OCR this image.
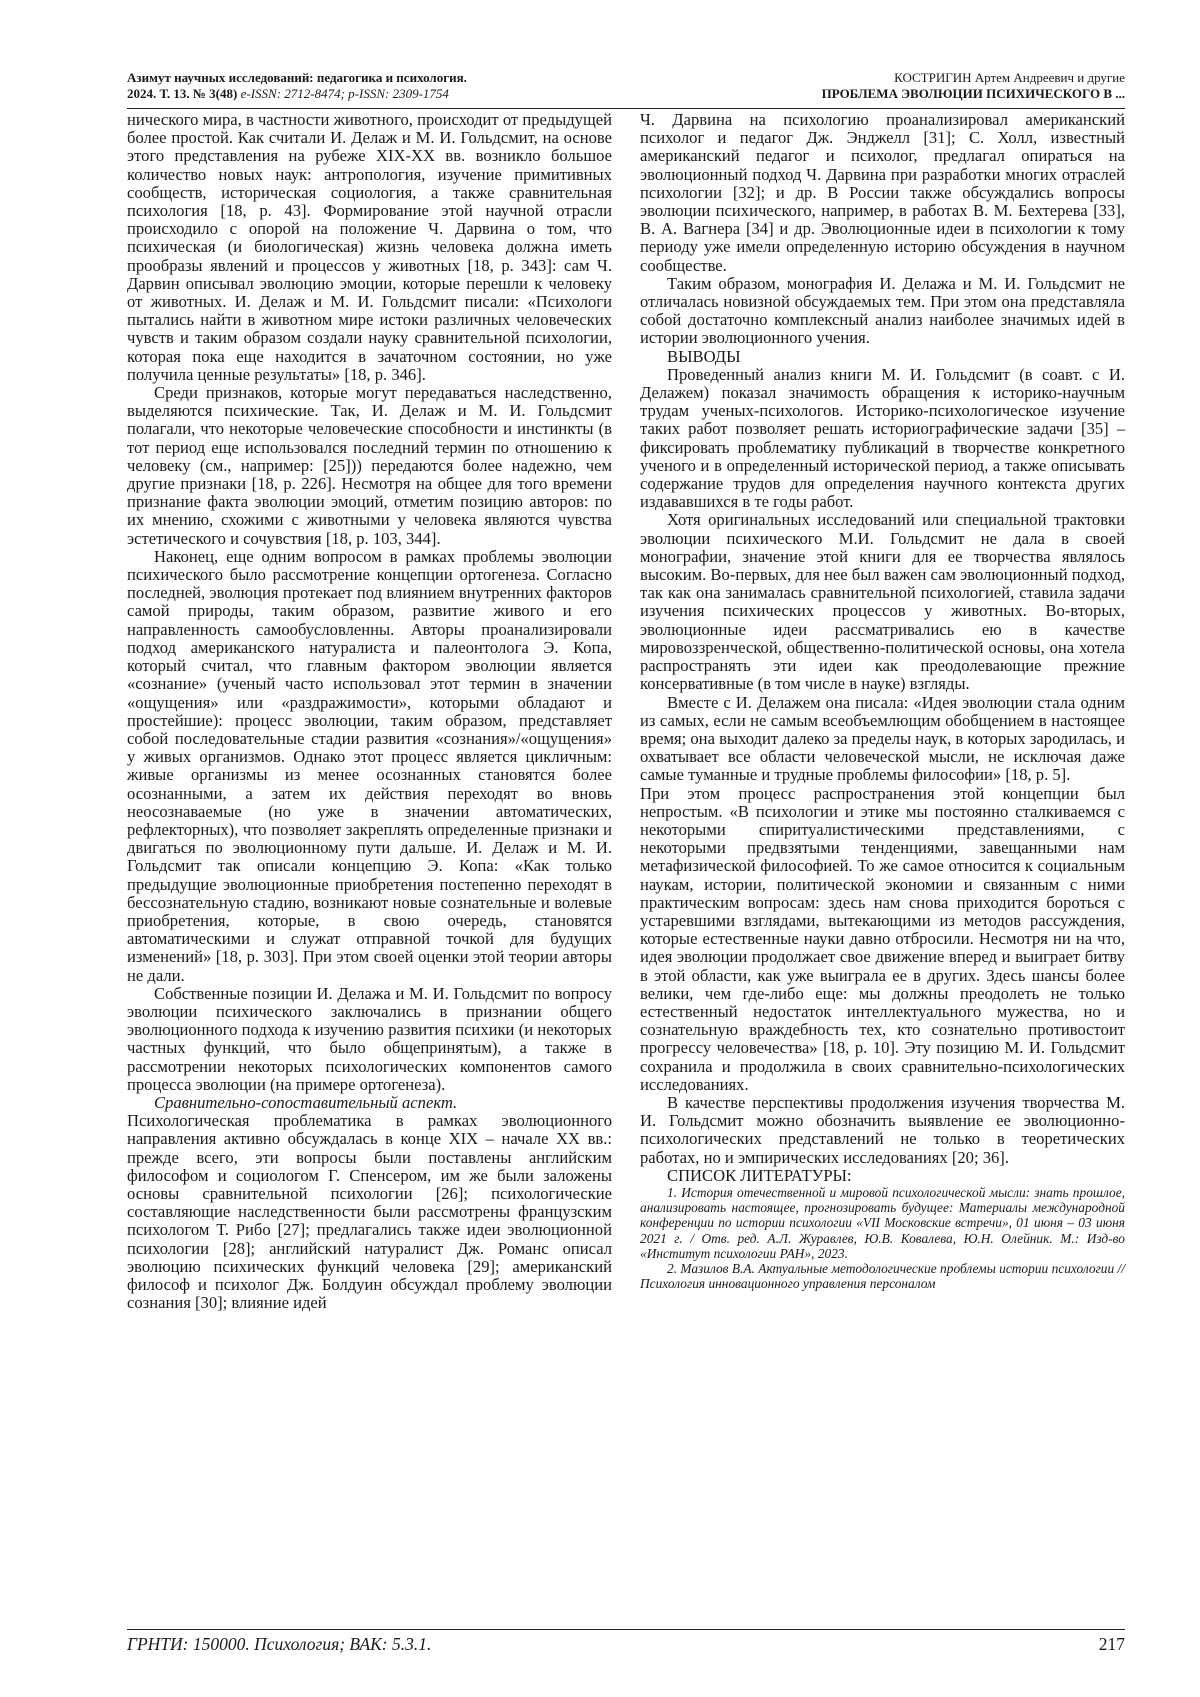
Азимут научных исследований: педагогика и психология.
2024. Т. 13. № 3(48) e-ISSN: 2712-8474; p-ISSN: 2309-1754
КОСТРИГИН Артем Андреевич и другие
ПРОБЛЕМА ЭВОЛЮЦИИ ПСИХИЧЕСКОГО В ...

нического мира, в частности животного, происходит от предыдущей более простой. Как считали И. Делаж и М. И. Гольдсмит, на основе этого представления на рубеже XIX-XX вв. возникло большое количество новых наук: антропология, изучение примитивных сообществ, историческая социология, а также сравнительная психология [18, p. 43]. Формирование этой научной отрасли происходило с опорой на положение Ч. Дарвина о том, что психическая (и биологическая) жизнь человека должна иметь прообразы явлений и процессов у животных [18, p. 343]: сам Ч. Дарвин описывал эволюцию эмоции, которые перешли к человеку от животных. И. Делаж и М. И. Гольдсмит писали: «Психологи пытались найти в животном мире истоки различных человеческих чувств и таким образом создали науку сравнительной психологии, которая пока еще находится в зачаточном состоянии, но уже получила ценные результаты» [18, p. 346].

Среди признаков, которые могут передаваться наследственно, выделяются психические. Так, И. Делаж и М. И. Гольдсмит полагали, что некоторые человеческие способности и инстинкты (в тот период еще использовался последний термин по отношению к человеку (см., например: [25])) передаются более надежно, чем другие признаки [18, p. 226]. Несмотря на общее для того времени признание факта эволюции эмоций, отметим позицию авторов: по их мнению, схожими с животными у человека являются чувства эстетического и сочувствия [18, p. 103, 344].

Наконец, еще одним вопросом в рамках проблемы эволюции психического было рассмотрение концепции ортогенеза. Согласно последней, эволюция протекает под влиянием внутренних факторов самой природы, таким образом, развитие живого и его направленность самообусловленны. Авторы проанализировали подход американского натуралиста и палеонтолога Э. Копа, который считал, что главным фактором эволюции является «сознание» (ученый часто использовал этот термин в значении «ощущения» или «раздражимости», которыми обладают и простейшие): процесс эволюции, таким образом, представляет собой последовательные стадии развития «сознания»/«ощущения» у живых организмов. Однако этот процесс является цикличным: живые организмы из менее осознанных становятся более осознанными, а затем их действия переходят во вновь неосознаваемые (но уже в значении автоматических, рефлекторных), что позволяет закреплять определенные признаки и двигаться по эволюционному пути дальше. И. Делаж и М. И. Гольдсмит так описали концепцию Э. Копа: «Как только предыдущие эволюционные приобретения постепенно переходят в бессознательную стадию, возникают новые сознательные и волевые приобретения, которые, в свою очередь, становятся автоматическими и служат отправной точкой для будущих изменений» [18, p. 303]. При этом своей оценки этой теории авторы не дали.

Собственные позиции И. Делажа и М. И. Гольдсмит по вопросу эволюции психического заключались в признании общего эволюционного подхода к изучению развития психики (и некоторых частных функций, что было общепринятым), а также в рассмотрении некоторых психологических компонентов самого процесса эволюции (на примере ортогенеза).

Сравнительно-сопоставительный аспект.

Психологическая проблематика в рамках эволюционного направления активно обсуждалась в конце XIX – начале XX вв.: прежде всего, эти вопросы были поставлены английским философом и социологом Г. Спенсером, им же были заложены основы сравнительной психологии [26]; психологические составляющие наследственности были рассмотрены французским психологом Т. Рибо [27]; предлагались также идеи эволюционной психологии [28]; английский натуралист Дж. Романс описал эволюцию психических функций человека [29]; американский философ и психолог Дж. Болдуин обсуждал проблему эволюции сознания [30]; влияние идей

Ч. Дарвина на психологию проанализировал американский психолог и педагог Дж. Энджелл [31]; С. Холл, известный американский педагог и психолог, предлагал опираться на эволюционный подход Ч. Дарвина при разработки многих отраслей психологии [32]; и др. В России также обсуждались вопросы эволюции психического, например, в работах В. М. Бехтерева [33], В. А. Вагнера [34] и др. Эволюционные идеи в психологии к тому периоду уже имели определенную историю обсуждения в научном сообществе.

Таким образом, монография И. Делажа и М. И. Гольдсмит не отличалась новизной обсуждаемых тем. При этом она представляла собой достаточно комплексный анализ наиболее значимых идей в истории эволюционного учения.

ВЫВОДЫ

Проведенный анализ книги М. И. Гольдсмит (в соавт. с И. Делажем) показал значимость обращения к историко-научным трудам ученых-психологов. Историко-психологическое изучение таких работ позволяет решать историографические задачи [35] – фиксировать проблематику публикаций в творчестве конкретного ученого и в определенный исторической период, а также описывать содержание трудов для определения научного контекста других издававшихся в те годы работ.

Хотя оригинальных исследований или специальной трактовки эволюции психического М.И. Гольдсмит не дала в своей монографии, значение этой книги для ее творчества являлось высоким. Во-первых, для нее был важен сам эволюционный подход, так как она занималась сравнительной психологией, ставила задачи изучения психических процессов у животных. Во-вторых, эволюционные идеи рассматривались ею в качестве мировоззренческой, общественно-политической основы, она хотела распространять эти идеи как преодолевающие прежние консервативные (в том числе в науке) взгляды.

Вместе с И. Делажем она писала: «Идея эволюции стала одним из самых, если не самым всеобъемлющим обобщением в настоящее время; она выходит далеко за пределы наук, в которых зародилась, и охватывает все области человеческой мысли, не исключая даже самые туманные и трудные проблемы философии» [18, p. 5].

При этом процесс распространения этой концепции был непростым. «В психологии и этике мы постоянно сталкиваемся с некоторыми спиритуалистическими представлениями, с некоторыми предвзятыми тенденциями, завещанными нам метафизической философией. То же самое относится к социальным наукам, истории, политической экономии и связанным с ними практическим вопросам: здесь нам снова приходится бороться с устаревшими взглядами, вытекающими из методов рассуждения, которые естественные науки давно отбросили. Несмотря ни на что, идея эволюции продолжает свое движение вперед и выиграет битву в этой области, как уже выиграла ее в других. Здесь шансы более велики, чем где-либо еще: мы должны преодолеть не только естественный недостаток интеллектуального мужества, но и сознательную враждебность тех, кто сознательно противостоит прогрессу человечества» [18, p. 10]. Эту позицию М. И. Гольдсмит сохранила и продолжила в своих сравнительно-психологических исследованиях.

В качестве перспективы продолжения изучения творчества М. И. Гольдсмит можно обозначить выявление ее эволюционно-психологических представлений не только в теоретических работах, но и эмпирических исследованиях [20; 36].

СПИСОК ЛИТЕРАТУРЫ:

1. История отечественной и мировой психологической мысли: знать прошлое, анализировать настоящее, прогнозировать будущее: Материалы международной конференции по истории психологии «VII Московские встречи», 01 июня – 03 июня 2021 г. / Отв. ред. А.Л. Журавлев, Ю.В. Ковалева, Ю.Н. Олейник. М.: Изд-во «Институт психологии РАН», 2023.

2. Мазилов В.А. Актуальные методологические проблемы истории психологии // Психология инновационного управления персоналом

ГРНТИ: 150000. Психология; ВАК: 5.3.1.	217
